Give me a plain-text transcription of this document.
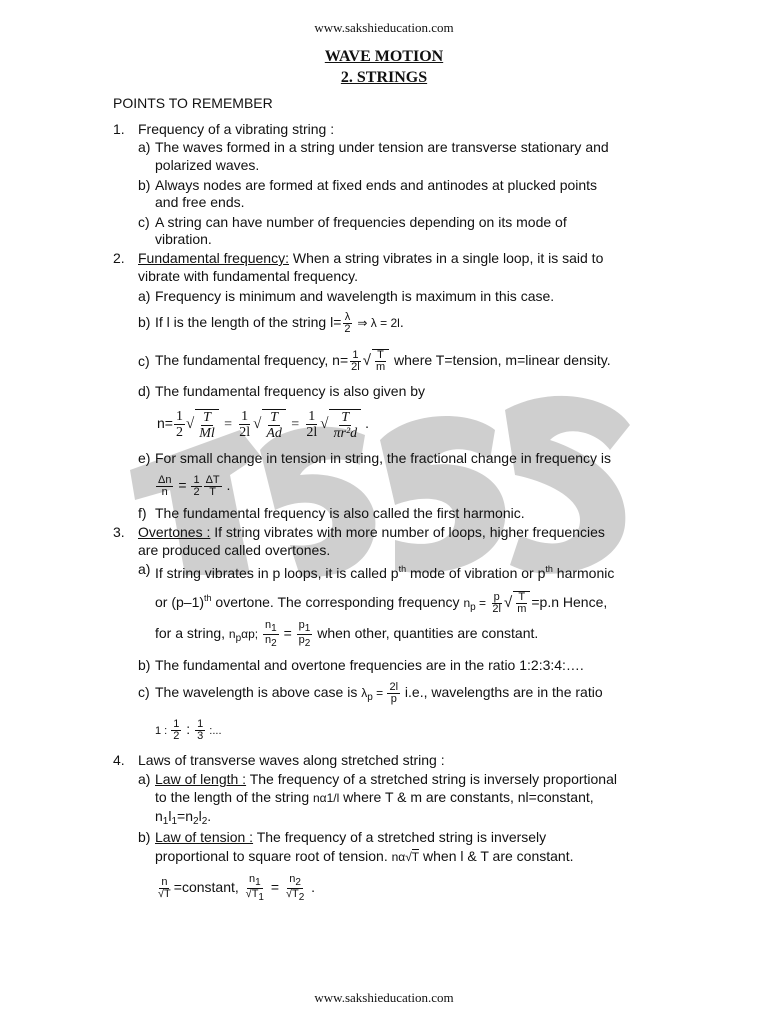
www.sakshieducation.com
WAVE MOTION
2. STRINGS
POINTS TO REMEMBER
1. Frequency of a vibrating string :
a) The waves formed in a string under tension are transverse stationary and
polarized waves.
b) Always nodes are formed at fixed ends and antinodes at plucked points
and free ends.
c) A string can have number of frequencies depending on its mode of
vibration.
2. Fundamental frequency: When a string vibrates in a single loop, it is said to
vibrate with fundamental frequency.
a) Frequency is minimum and wavelength is maximum in this case.
b) If l is the length of the string $l= \frac{\lambda}{2}$ ⇒ λ = 2l.
c) The fundamental frequency, $n= \frac{1}{2l}$ √ $\frac{T}{m}$ where T=tension, m=linear density.
d) The fundamental frequency is also given by
$n= \frac{1}{2}$ √ $\frac{T}{Ml} = \frac{1}{2l}$ √ $\frac{T}{Ad} = \frac{1}{2l}$ √ $\frac{T}{\text{πr²d}}$ .
e) For small change in tension in string, the fractional change in frequency is
$\frac{\Delta n}{n} = \frac{1}{2} \frac{\Delta T}{T}$ .
f) The fundamental frequency is also called the first harmonic.
3. Overtones : If string vibrates with more number of loops, higher frequencies
are produced called overtones.
a) If string vibrates in p loops, it is called $p^{th}$ mode of vibration or $p^{th}$ harmonic
or $(p-1)^{th}$ overtone. The corresponding frequency $n_p = \frac{p}{2l}$ √ $\frac{T}{m} =p.n$ Hence,
for a string, $n_p\alpha p$; $\frac{n1}{n2} = \frac{p1}{p2}$ when other, quantities are constant.
b) The fundamental and overtone frequencies are in the ratio 1:2:3:4:….
c) The wavelength is above case is $\lambda_p = \frac{2l}{p} i.e$., wavelengths are in the ratio
1 : $\frac{1}{2}$ : $\frac{1}{3}$ :...
4. Laws of transverse waves along stretched string :
a) Law of length : The frequency of a stretched string is inversely proportional
to the length of the string nα1/l where T & m are constants, nl=constant,
$n_1l_1=n_2l_2$.
b) Law of tension : The frequency of a stretched string is inversely
proportional to square root of tension. nα√T when l & T are constant.
$\frac{n}{√T}$ =constant, $\frac{n1}{√T1} = \frac{n2}{√T2}$ .
www.sakshieducation.com
